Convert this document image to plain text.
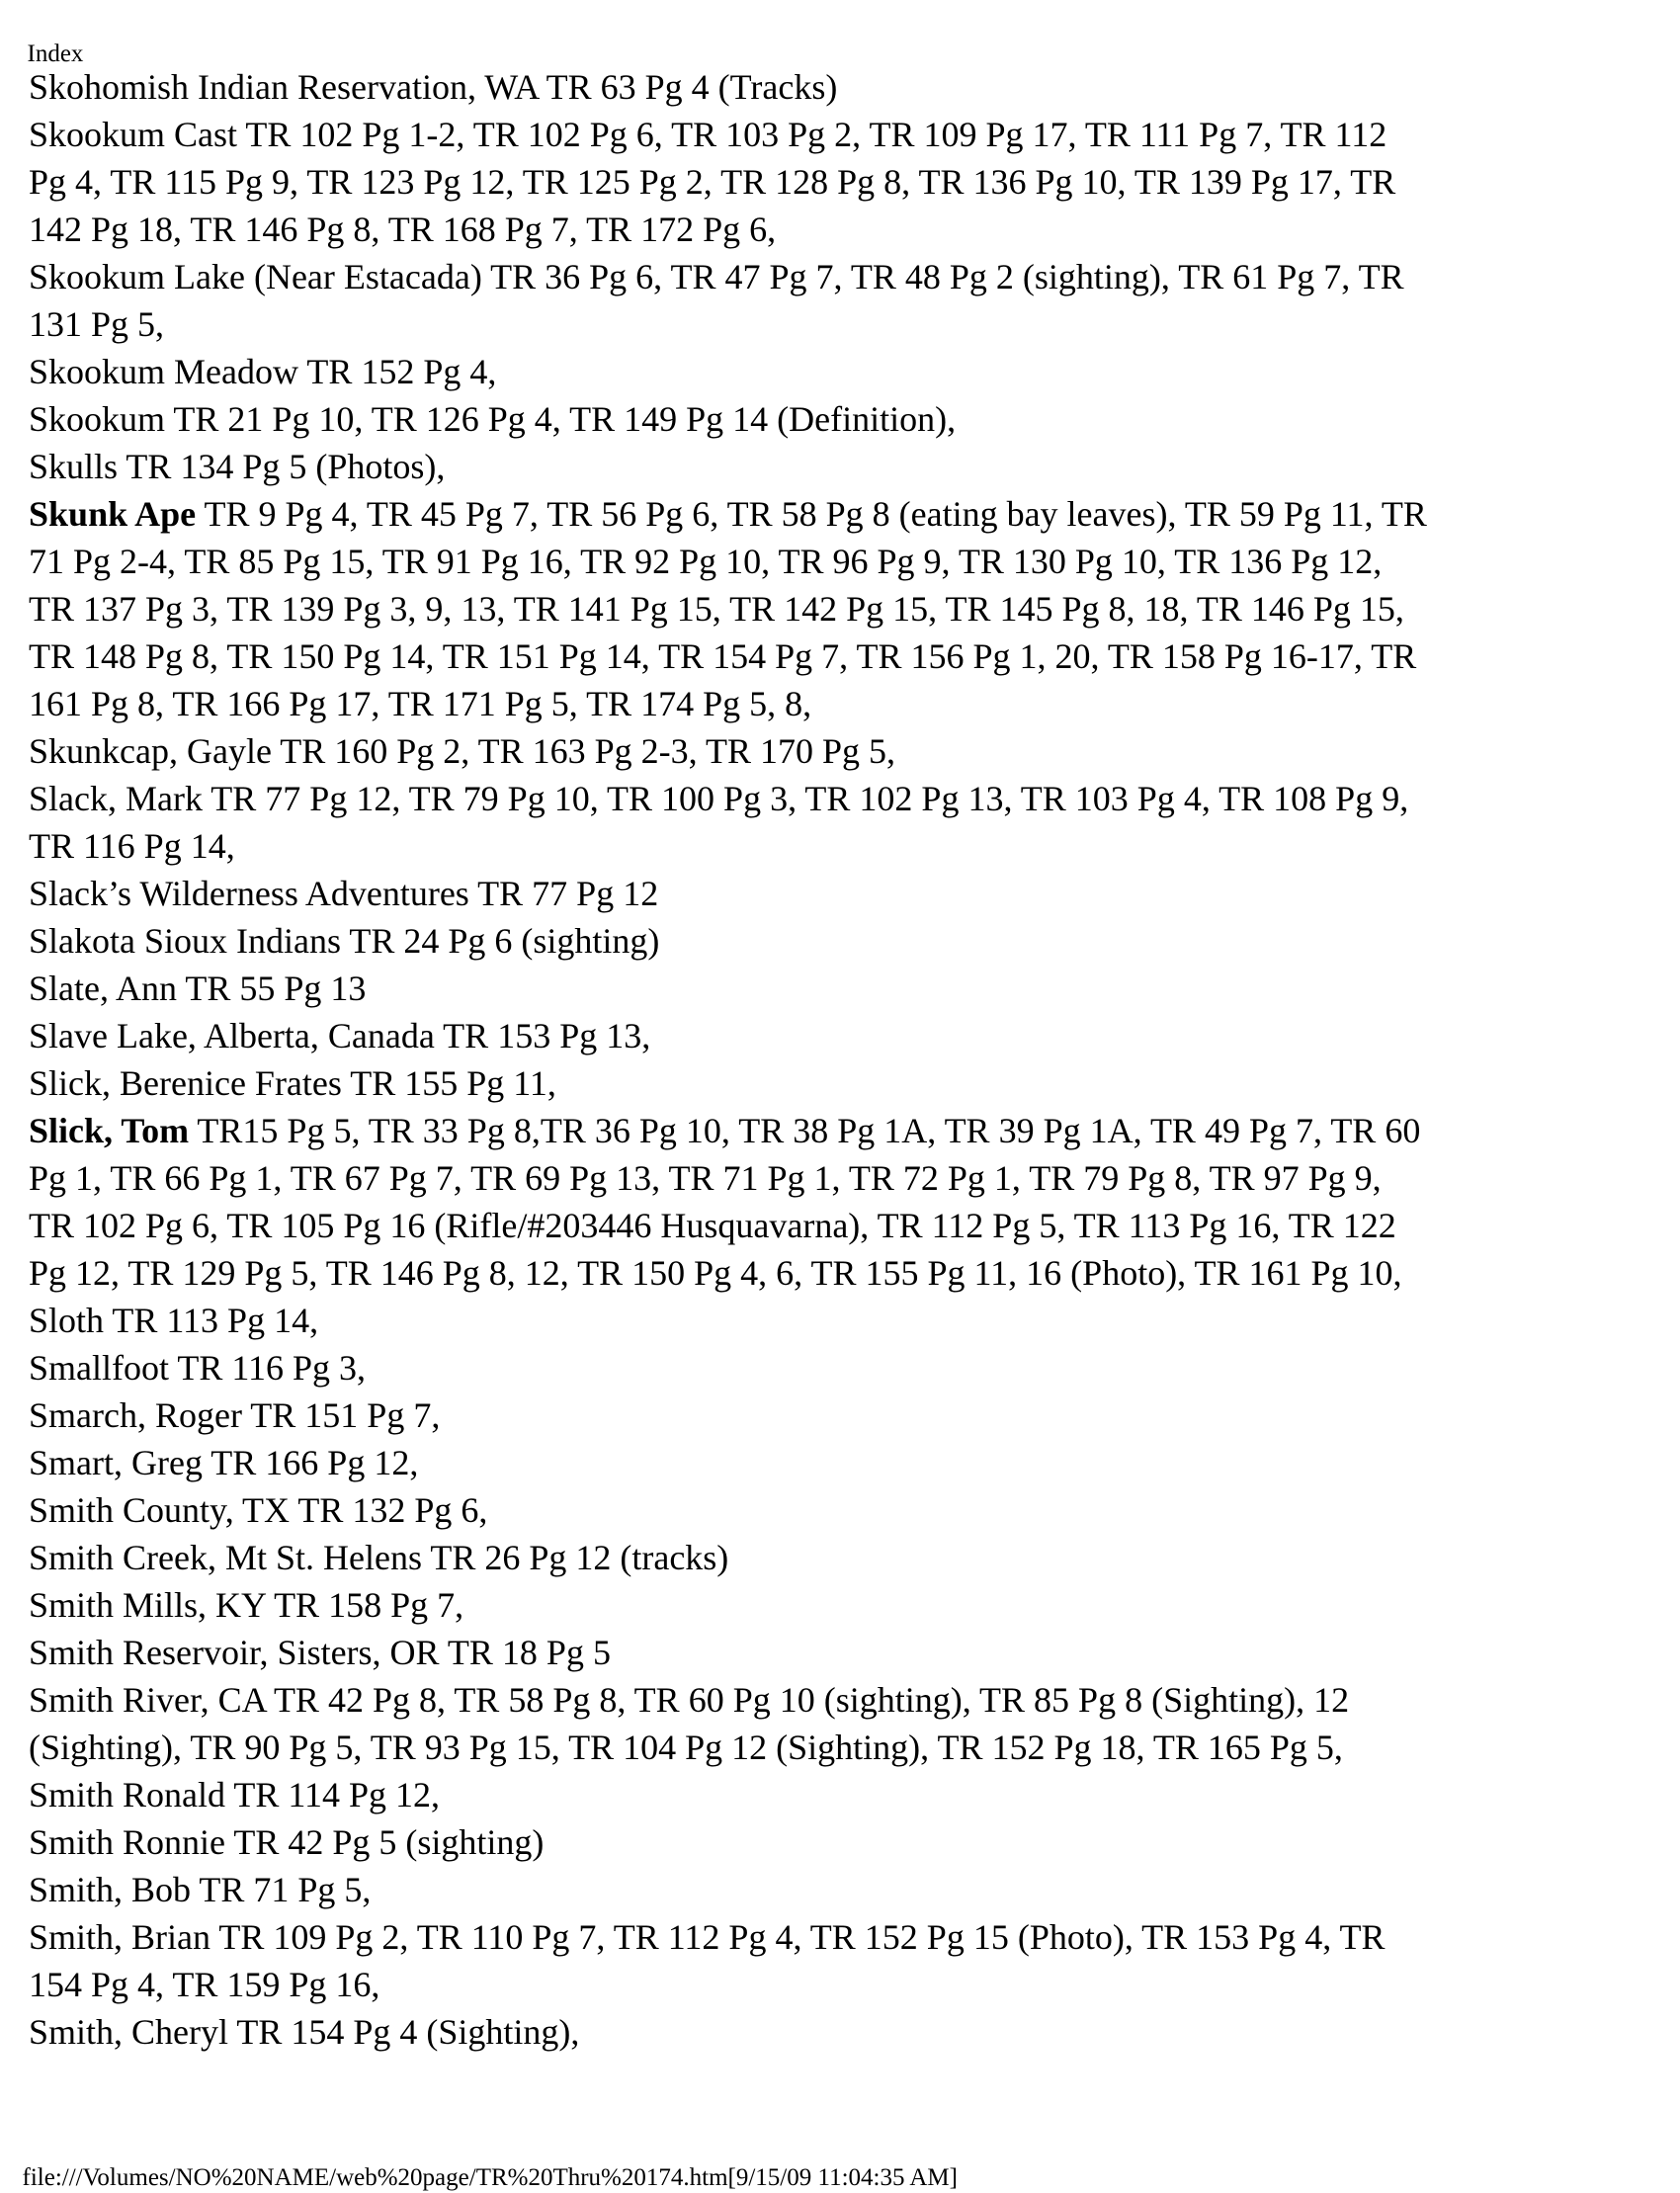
Index

Skohomish Indian Reservation, WA TR 63 Pg 4 (Tracks)
Skookum Cast TR 102 Pg 1-2, TR 102 Pg 6, TR 103 Pg 2, TR 109 Pg 17, TR 111 Pg 7, TR 112
Pg 4, TR 115 Pg 9, TR 123 Pg 12, TR 125 Pg 2, TR 128 Pg 8, TR 136 Pg 10, TR 139 Pg 17, TR
142 Pg 18, TR 146 Pg 8, TR 168 Pg 7, TR 172 Pg 6,
Skookum Lake (Near Estacada) TR 36 Pg 6, TR 47 Pg 7, TR 48 Pg 2 (sighting), TR 61 Pg 7, TR
131 Pg 5,
Skookum Meadow TR 152 Pg 4,
Skookum TR 21 Pg 10, TR 126 Pg 4, TR 149 Pg 14 (Definition),
Skulls TR 134 Pg 5 (Photos),
Skunk Ape TR 9 Pg 4, TR 45 Pg 7, TR 56 Pg 6, TR 58 Pg 8 (eating bay leaves), TR 59 Pg 11, TR
71 Pg 2-4, TR 85 Pg 15, TR 91 Pg 16, TR 92 Pg 10, TR 96 Pg 9, TR 130 Pg 10, TR 136 Pg 12,
TR 137 Pg 3, TR 139 Pg 3, 9, 13, TR 141 Pg 15, TR 142 Pg 15, TR 145 Pg 8, 18, TR 146 Pg 15,
TR 148 Pg 8, TR 150 Pg 14, TR 151 Pg 14, TR 154 Pg 7, TR 156 Pg 1, 20, TR 158 Pg 16-17, TR
161 Pg 8, TR 166 Pg 17, TR 171 Pg 5, TR 174 Pg 5, 8,
Skunkcap, Gayle TR 160 Pg 2, TR 163 Pg 2-3, TR 170 Pg 5,
Slack, Mark TR 77 Pg 12, TR 79 Pg 10, TR 100 Pg 3, TR 102 Pg 13, TR 103 Pg 4, TR 108 Pg 9,
TR 116 Pg 14,
Slack’s Wilderness Adventures TR 77 Pg 12
Slakota Sioux Indians TR 24 Pg 6 (sighting)
Slate, Ann TR 55 Pg 13
Slave Lake, Alberta, Canada TR 153 Pg 13,
Slick, Berenice Frates TR 155 Pg 11,
Slick, Tom TR15 Pg 5, TR 33 Pg 8,TR 36 Pg 10, TR 38 Pg 1A, TR 39 Pg 1A, TR 49 Pg 7, TR 60
Pg 1, TR 66 Pg 1, TR 67 Pg 7, TR 69 Pg 13, TR 71 Pg 1, TR 72 Pg 1, TR 79 Pg 8, TR 97 Pg 9,
TR 102 Pg 6, TR 105 Pg 16 (Rifle/#203446 Husquavarna), TR 112 Pg 5, TR 113 Pg 16, TR 122
Pg 12, TR 129 Pg 5, TR 146 Pg 8, 12, TR 150 Pg 4, 6, TR 155 Pg 11, 16 (Photo), TR 161 Pg 10,
Sloth TR 113 Pg 14,
Smallfoot TR 116 Pg 3,
Smarch, Roger TR 151 Pg 7,
Smart, Greg TR 166 Pg 12,
Smith County, TX TR 132 Pg 6,
Smith Creek, Mt St. Helens TR 26 Pg 12 (tracks)
Smith Mills, KY TR 158 Pg 7,
Smith Reservoir, Sisters, OR TR 18 Pg 5
Smith River, CA TR 42 Pg 8, TR 58 Pg 8, TR 60 Pg 10 (sighting), TR 85 Pg 8 (Sighting), 12
(Sighting), TR 90 Pg 5, TR 93 Pg 15, TR 104 Pg 12 (Sighting), TR 152 Pg 18, TR 165 Pg 5,
Smith Ronald TR 114 Pg 12,
Smith Ronnie TR 42 Pg 5 (sighting)
Smith, Bob TR 71 Pg 5,
Smith, Brian TR 109 Pg 2, TR 110 Pg 7, TR 112 Pg 4, TR 152 Pg 15 (Photo), TR 153 Pg 4, TR
154 Pg 4, TR 159 Pg 16,
Smith, Cheryl TR 154 Pg 4 (Sighting),

file:///Volumes/NO%20NAME/web%20page/TR%20Thru%20174.htm[9/15/09 11:04:35 AM]
